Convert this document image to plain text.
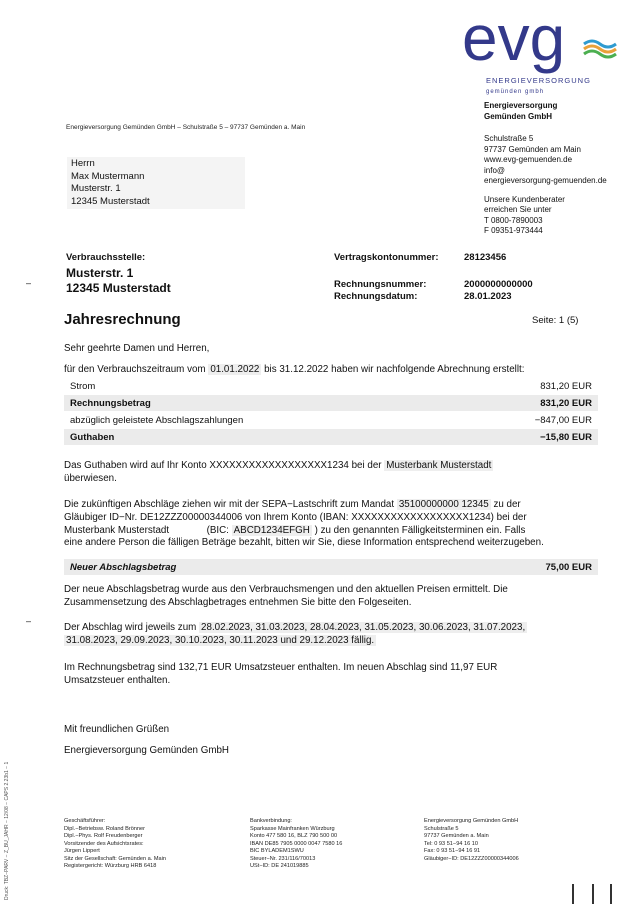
evg
ENERGIEVERSORGUNG
gemünden gmbh
Energieversorgung
Gemünden GmbH
Schulstraße 5
97737 Gemünden am Main
www.evg-gemuenden.de
info@
energieversorgung-gemuenden.de
Unsere Kundenberater
erreichen Sie unter
T 0800-7890003
F 09351-973444
Energieversorgung Gemünden GmbH – Schulstraße 5 – 97737 Gemünden a. Main
Herrn
Max Mustermann
Musterstr. 1
12345 Musterstadt
Verbrauchsstelle:
Musterstr. 1
12345 Musterstadt
Vertragskontonummer:	28123456
Rechnungsnummer:	2000000000000
Rechnungsdatum:	28.01.2023
–
Jahresrechnung	Seite: 1 (5)
Sehr geehrte Damen und Herren,
für den Verbrauchszeitraum vom 01.01.2022 bis 31.12.2022 haben wir nachfolgende Abrechnung erstellt:
Strom	831,20 EUR
Rechnungsbetrag	831,20 EUR
abzüglich geleistete Abschlagszahlungen	−847,00 EUR
Guthaben	−15,80 EUR
Das Guthaben wird auf Ihr Konto XXXXXXXXXXXXXXXXXX1234 bei der Musterbank Musterstadt
überwiesen.
Die zukünftigen Abschläge ziehen wir mit der SEPA−Lastschrift zum Mandat 35100000000 12345 zu der
Gläubiger ID−Nr. DE12ZZZ00000344006 von Ihrem Konto (IBAN: XXXXXXXXXXXXXXXXXX1234) bei der
Musterbank Musterstadt	(BIC: ABCD1234EFGH ) zu den genannten Fälligkeitsterminen ein. Falls
eine andere Person die fälligen Beträge bezahlt, bitten wir Sie, diese Information entsprechend weiterzugeben.
Neuer Abschlagsbetrag	75,00 EUR
Der neue Abschlagsbetrag wurde aus den Verbrauchsmengen und den aktuellen Preisen ermittelt. Die
Zusammensetzung des Abschlagbetrages entnehmen Sie bitte den Folgeseiten.
–
Der Abschlag wird jeweils zum 28.02.2023, 31.03.2023, 28.04.2023, 31.05.2023, 30.06.2023, 31.07.2023,
31.08.2023, 29.09.2023, 30.10.2023, 30.11.2023 und 29.12.2023 fällig.
Im Rechnungsbetrag sind 132,71 EUR Umsatzsteuer enthalten. Im neuen Abschlag sind 11,97 EUR
Umsatzsteuer enthalten.
Mit freundlichen Grüßen
Energieversorgung Gemünden GmbH
Geschäftsführer:
Dipl.−Betriebsw. Roland Brönner
Dipl.−Phys. Rolf Freudenberger
Vorsitzender des Aufsichtsrates:
Jürgen Lippert
Sitz der Gesellschaft: Gemünden a. Main
Registergericht: Würzburg HRB 6418
Bankverbindung:
Sparkasse Mainfranken Würzburg
Konto 477 580 16, BLZ 790 500 00
IBAN DE85 7905 0000 0047 7580 16
BIC BYLADEM1SWU
Steuer−Nr. 231/116/70013
USt−ID: DE 241019885
Energieversorgung Gemünden GmbH
Schulstraße 5
97737 Gemünden a. Main
Tel: 0 93 51−94 16 10
Fax: 0 93 51−94 16 91
Gläubiger−ID: DE12ZZZ00000344006
Druck: TBZ−PARV − Z_BU_JAHR − 12/08 − CAPS 2.23b1 − 1
